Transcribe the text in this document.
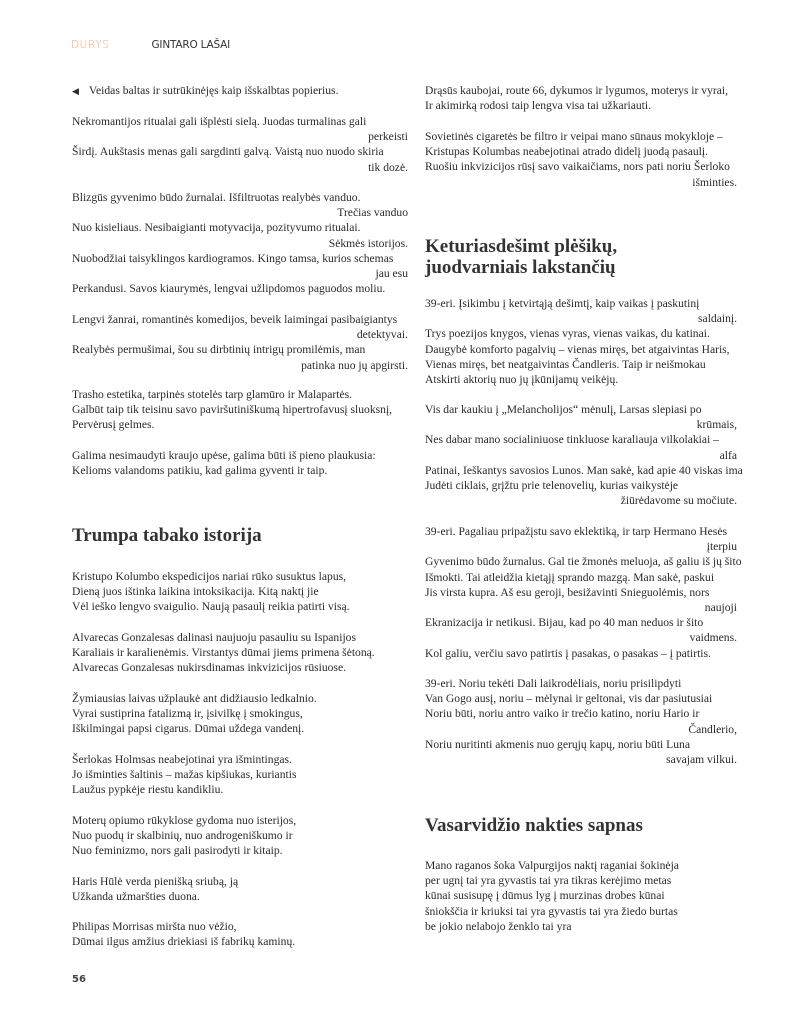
DURYS	GINTARO LAŠAI
◀ Veidas baltas ir sutrūkinėjęs kaip išskalbtas popierius.
Nekromantijos ritualai gali išplėsti sielą. Juodas turmalinas gali
perkeisti
Širdį. Aukštasis menas gali sargdinti galvą. Vaistą nuo nuodo skiria
tik dozė.
Blizgūs gyvenimo būdo žurnalai. Išfiltruotas realybės vanduo.
Trečias vanduo
Nuo kisieliaus. Nesibaigianti motyvacija, pozityvumo ritualai.
Sėkmės istorijos.
Nuobodžiai taisyklingos kardiogramos. Kingo tamsa, kurios schemas
jau esu
Perkandusi. Savos kiaurymės, lengvai užlipdomos paguodos moliu.
Lengvi žanrai, romantinės komedijos, beveik laimingai pasibaigiantys
detektyvai.
Realybės permušimai, šou su dirbtinių intrigų promilėmis, man
patinka nuo jų apgirsti.
Trasho estetika, tarpinės stotelės tarp glamūro ir Malapartės.
Galbūt taip tik teisinu savo paviršutiniškumą hipertrofavusį sluoksnį,
Pervėrusį gelmes.
Galima nesimaudyti kraujo upėse, galima būti iš pieno plaukusia:
Kelioms valandoms patikiu, kad galima gyventi ir taip.
Trumpa tabako istorija
Kristupo Kolumbo ekspedicijos nariai rūko susuktus lapus,
Dieną juos ištinka laikina intoksikacija. Kitą naktį jie
Vėl ieško lengvo svaigulio. Naują pasaulį reikia patirti visą.
Alvarecas Gonzalesas dalinasi naujuoju pasauliu su Ispanijos
Karaliais ir karalienėmis. Virstantys dūmai jiems primena šėtoną.
Alvarecas Gonzalesas nukirsdinamas inkvizicijos rūsiuose.
Žymiausias laivas užplaukė ant didžiausio ledkalnio.
Vyrai sustiprina fatalizmą ir, įsivilkę į smokingus,
Iškilmingai papsi cigarus. Dūmai uždega vandenį.
Šerlokas Holmsas neabejotinai yra išmintingas.
Jo išminties šaltinis – mažas kipšiukas, kuriantis
Laužus pypkėje riestu kandikliu.
Moterų opiumo rūkyklose gydoma nuo isterijos,
Nuo puodų ir skalbinių, nuo androgeniškumo ir
Nuo feminizmo, nors gali pasirodyti ir kitaip.
Haris Hūlė verda pienišką sriubą, ją
Užkanda užmaršties duona.
Philipas Morrisas miršta nuo vėžio,
Dūmai ilgus amžius driekiasi iš fabrikų kaminų.
Drąsūs kaubojai, route 66, dykumos ir lygumos, moterys ir vyrai,
Ir akimirką rodosi taip lengva visa tai užkariauti.
Sovietinės cigaretės be filtro ir veipai mano sūnaus mokykloje –
Kristupas Kolumbas neabejotinai atrado didelį juodą pasaulį.
Ruošiu inkvizicijos rūsį savo vaikaičiams, nors pati noriu Šerloko
išminties.
Keturiasdešimt plėšikų,
juodvarniais lakstančių
39-eri. Įsikimbu į ketvirtąją dešimtį, kaip vaikas į paskutinį
saldainį.
Trys poezijos knygos, vienas vyras, vienas vaikas, du katinai.
Daugybė komforto pagalvių – vienas miręs, bet atgaivintas Haris,
Vienas miręs, bet neatgaivintas Čandleris. Taip ir neišmokau
Atskirti aktorių nuo jų įkūnijamų veikėjų.
Vis dar kaukiu į „Melancholijos“ mėnulį, Larsas slepiasi po
krūmais,
Nes dabar mano socialiniuose tinkluose karaliauja vilkolakiai –
alfa
Patinai, Ieškantys savosios Lunos. Man sakė, kad apie 40 viskas ima
Judėti ciklais, grįžtu prie telenovelių, kurias vaikystėje
žiūrėdavome su močiute.
39-eri. Pagaliau pripažįstu savo eklektiką, ir tarp Hermano Hesės
įterpiu
Gyvenimo būdo žurnalus. Gal tie žmonės meluoja, aš galiu iš jų šito
Išmokti. Tai atleidžia kietąjį sprando mazgą. Man sakė, paskui
Jis virsta kupra. Aš esu geroji, besižavinti Snieguolėmis, nors
naujoji
Ekranizacija ir netikusi. Bijau, kad po 40 man neduos ir šito
vaidmens.
Kol galiu, verčiu savo patirtis į pasakas, o pasakas – į patirtis.
39-eri. Noriu tekėti Dali laikrodėliais, noriu prisilipdyti
Van Gogo ausį, noriu – mėlynai ir geltonai, vis dar pasiutusiai
Noriu būti, noriu antro vaiko ir trečio katino, noriu Hario ir
Čandlerio,
Noriu nuritinti akmenis nuo gerųjų kapų, noriu būti Luna
savajam vilkui.
Vasarvidžio nakties sapnas
Mano raganos šoka Valpurgijos naktį raganiai šokinėja
per ugnį tai yra gyvastis tai yra tikras kerėjimo metas
kūnai susisupę į dūmus lyg į murzinas drobes kūnai
šniokščia ir kriuksi tai yra gyvastis tai yra žiedo burtas
be jokio nelabojo ženklo tai yra
56
